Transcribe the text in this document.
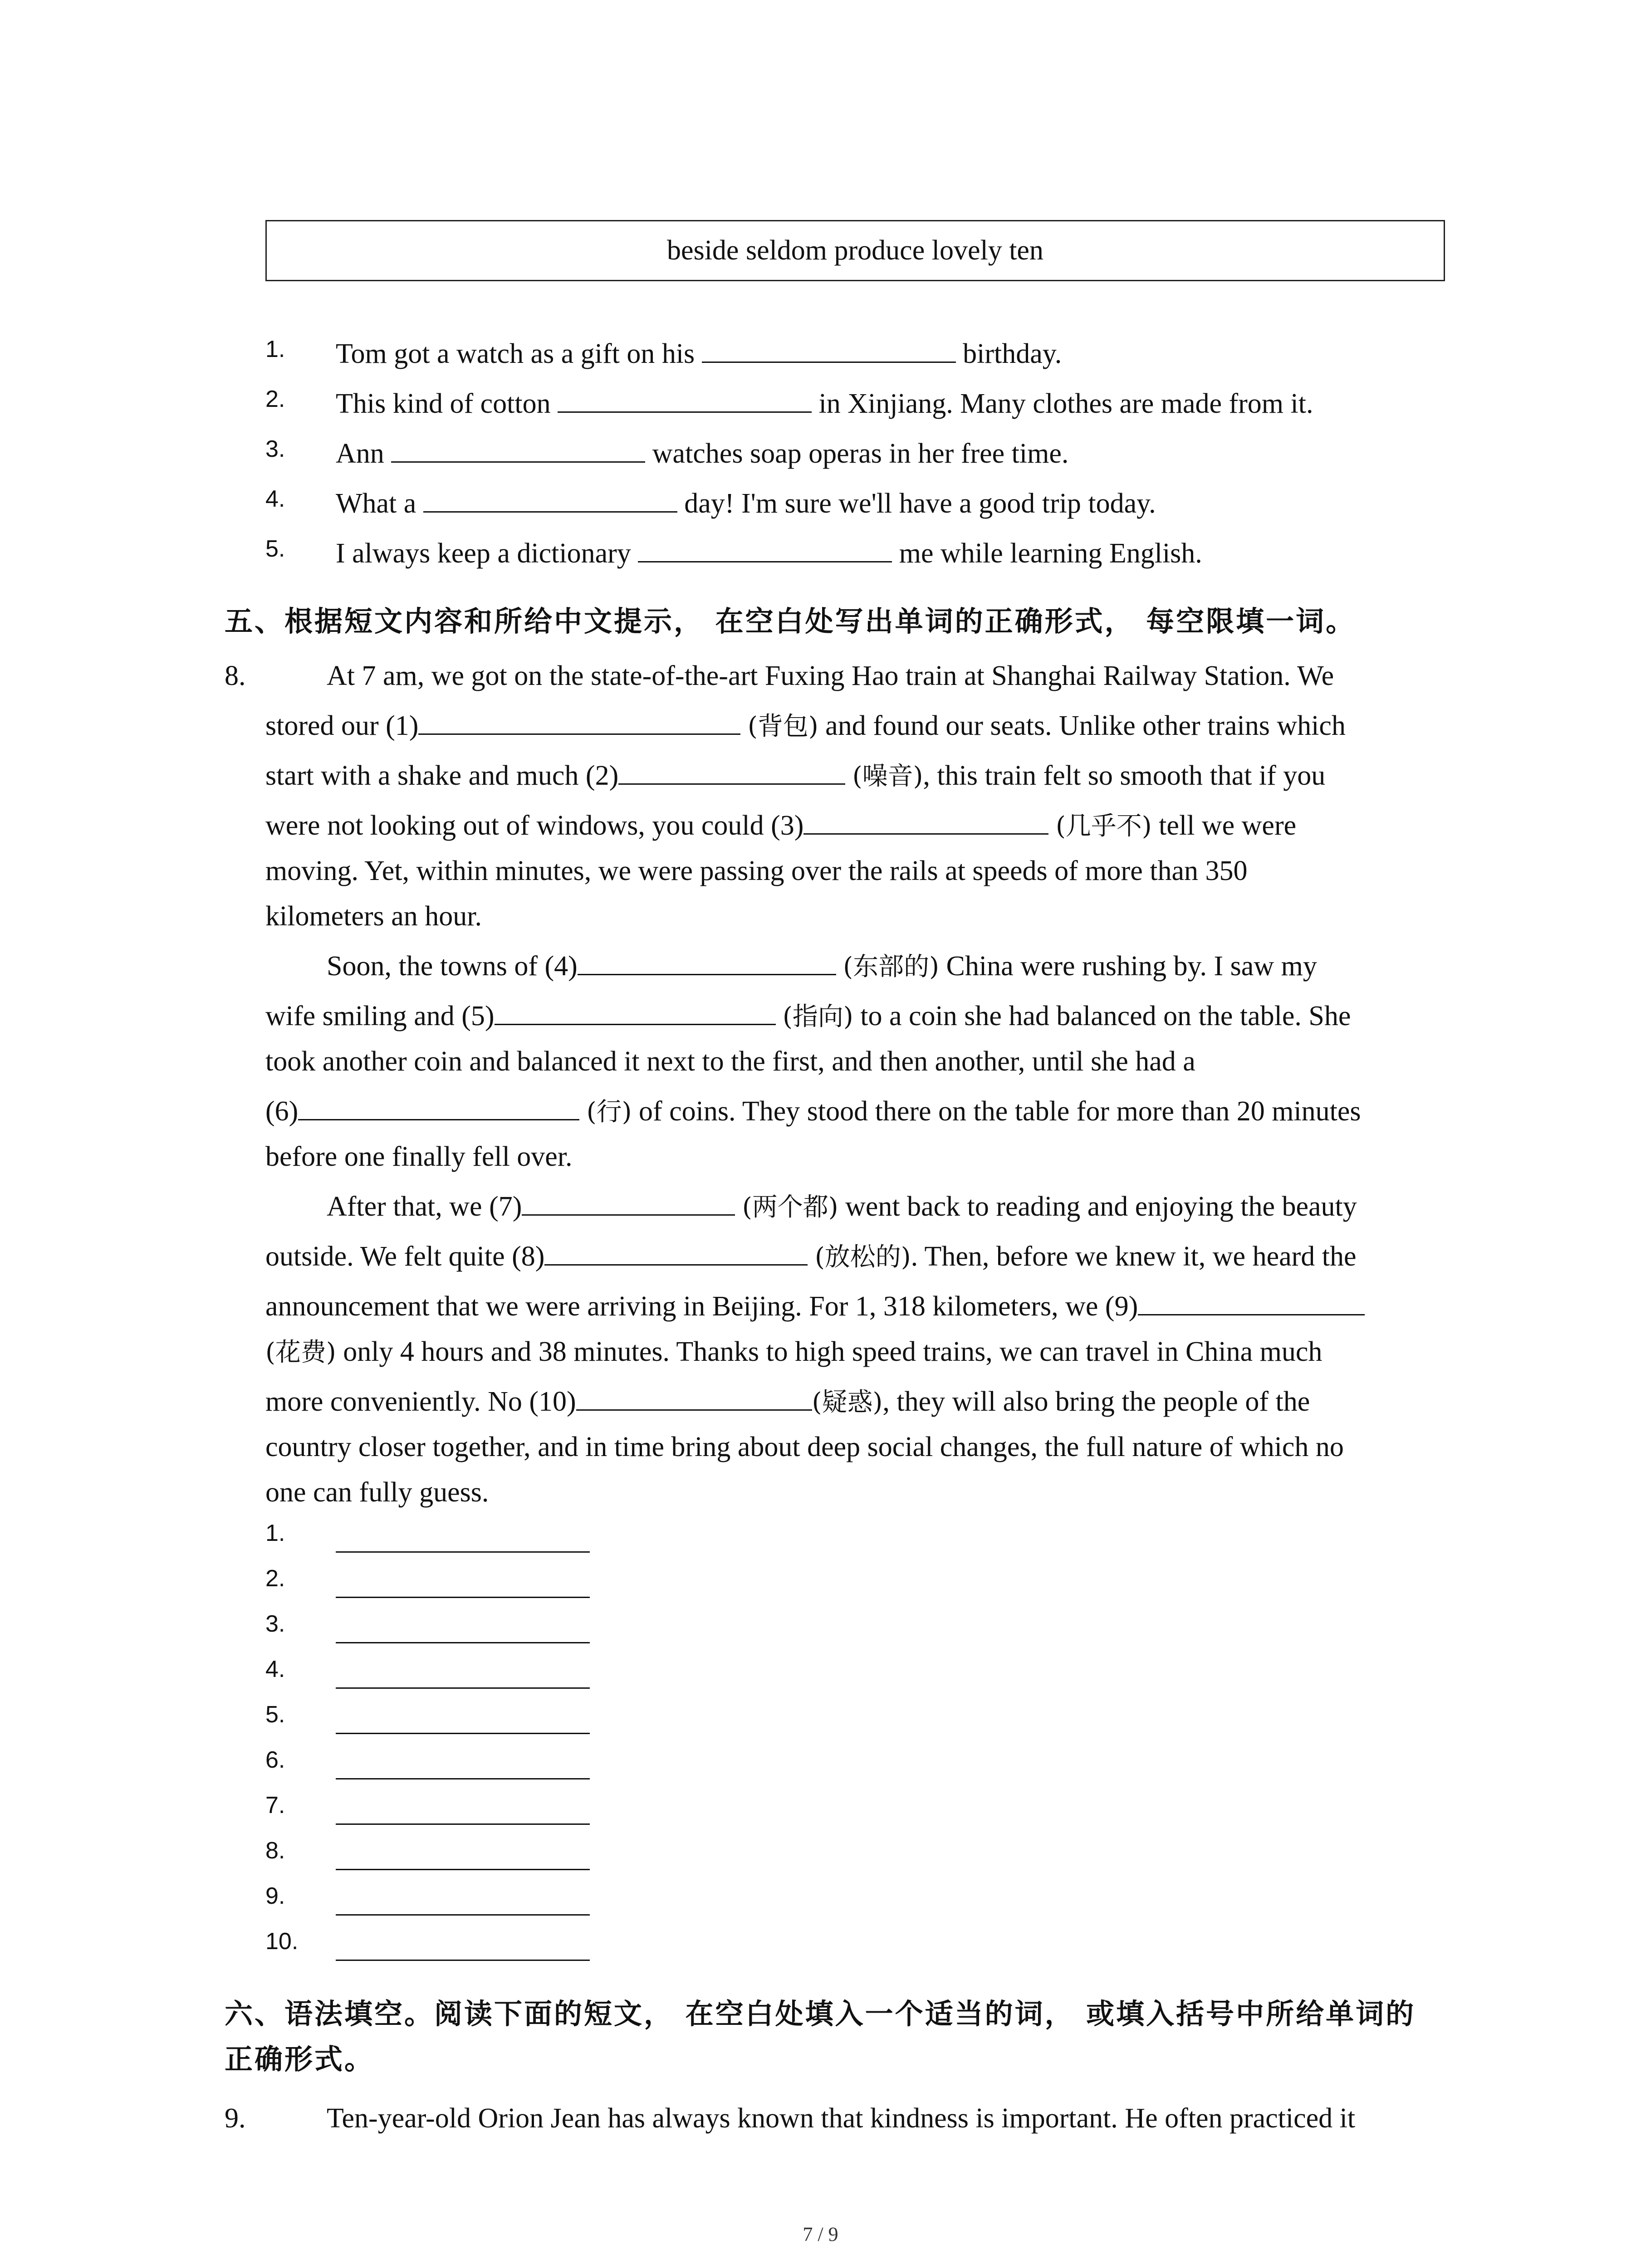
beside seldom produce lovely ten
1. Tom got a watch as a gift on his	birthday.
2. This kind of cotton	in Xinjiang. Many clothes are made from it.
3. Ann	watches soap operas in her free time.
4. What a	day! I'm sure we'll have a good trip today.
5. I always keep a dictionary	me while learning English.
五、根据短文内容和所给中文提示， 在空白处写出单词的正确形式， 每空限填一词。
8.	At 7 am, we got on the state-of-the-art Fuxing Hao train at Shanghai Railway Station. We
stored our (1)	(背包) and found our seats. Unlike other trains which
start with a shake and much (2)	(噪音), this train felt so smooth that if you
were not looking out of windows, you could (3)	(几乎不) tell we were
moving. Yet, within minutes, we were passing over the rails at speeds of more than 350
kilometers an hour.
Soon, the towns of (4)	(东部的) China were rushing by. I saw my
wife smiling and (5)	(指向) to a coin she had balanced on the table. She
took another coin and balanced it next to the first, and then another, until she had a
(6)	(行) of coins. They stood there on the table for more than 20 minutes
before one finally fell over.
After that, we (7)	(两个都) went back to reading and enjoying the beauty
outside. We felt quite (8)	(放松的). Then, before we knew it, we heard the
announcement that we were arriving in Beijing. For 1, 318 kilometers, we (9)
(花费) only 4 hours and 38 minutes. Thanks to high speed trains, we can travel in China much
more conveniently. No (10)	(疑惑), they will also bring the people of the
country closer together, and in time bring about deep social changes, the full nature of which no
one can fully guess.
1.
2.
3.
4.
5.
6.
7.
8.
9.
10.
六、语法填空。阅读下面的短文， 在空白处填入一个适当的词， 或填入括号中所给单词的
正确形式。
9.	Ten-year-old Orion Jean has always known that kindness is important. He often practiced it
7 / 9
